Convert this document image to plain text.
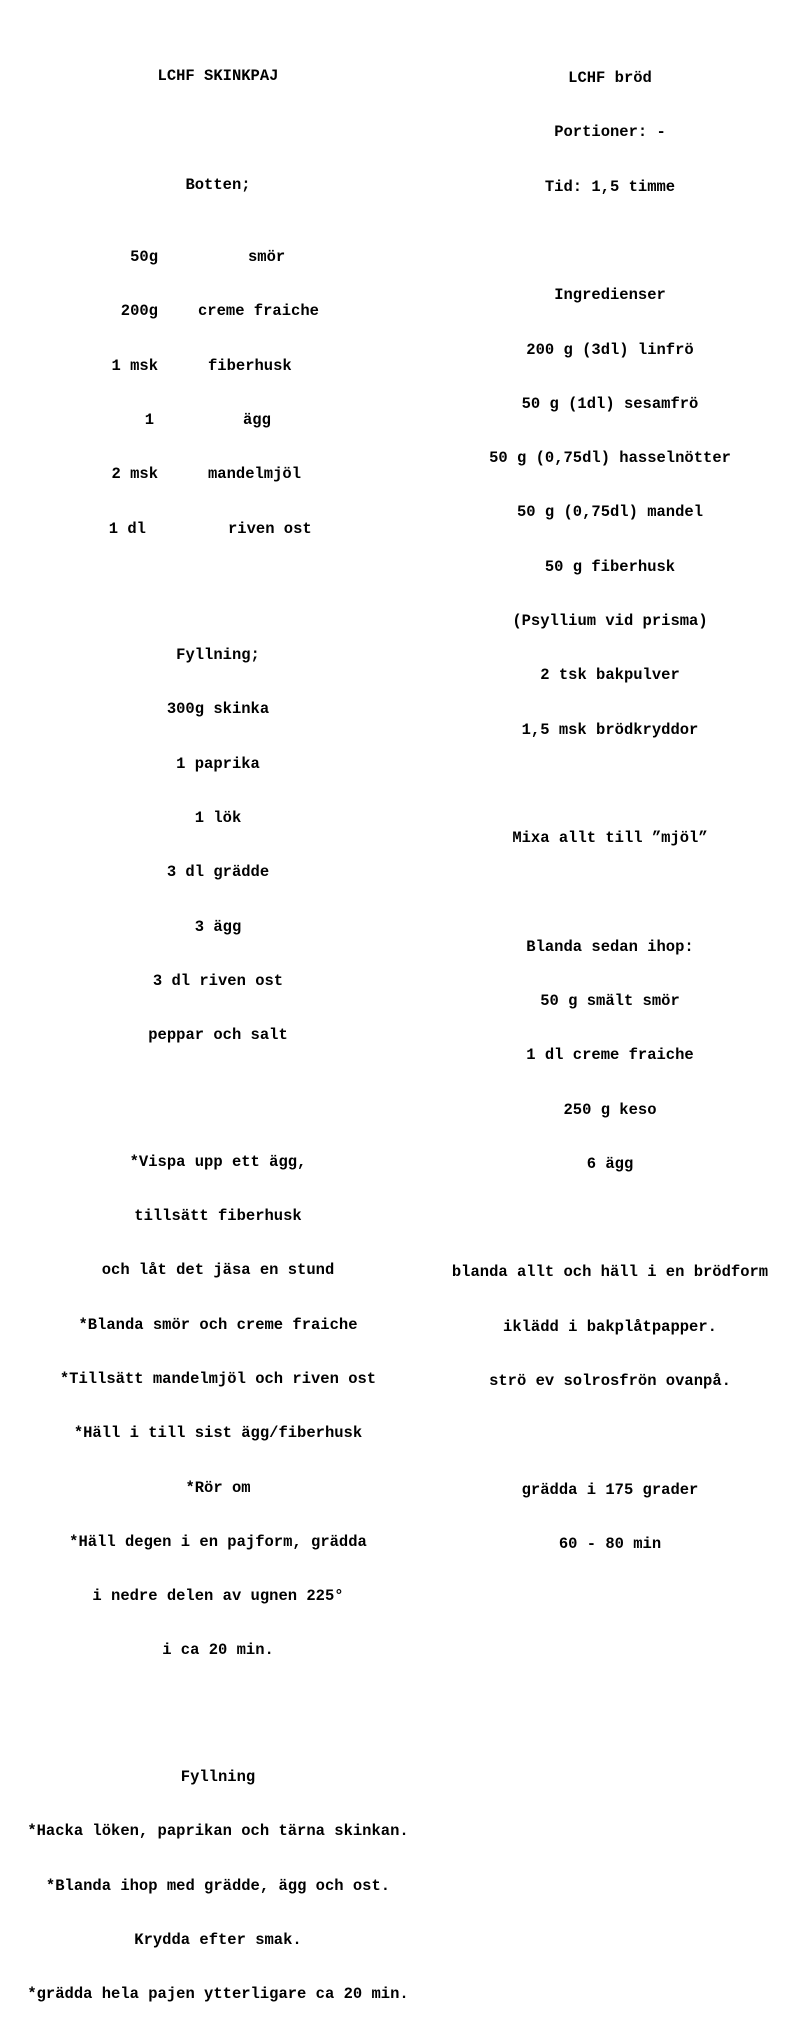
LCHF SKINKPAJ

Botten;

50g	smör

200g	creme fraiche

1 msk	fiberhusk

1	ägg

2 msk	mandelmjöl

1 dl	riven ost

Fyllning;

300g skinka

1 paprika

1 lök

3 dl grädde

3 ägg

3 dl riven ost

peppar och salt

*Vispa upp ett ägg,

tillsätt fiberhusk

och låt det jäsa en stund

*Blanda smör och creme fraiche

*Tillsätt mandelmjöl och riven ost

*Häll i till sist ägg/fiberhusk

*Rör om

*Häll degen i en pajform, grädda

i nedre delen av ugnen 225°

i ca 20 min.

Fyllning

*Hacka löken, paprikan och tärna skinkan.

*Blanda ihop med grädde, ägg och ost.

Krydda efter smak.

*grädda hela pajen ytterligare ca 20 min.

LCHF bröd

Portioner: -

Tid: 1,5 timme

Ingredienser

200 g (3dl) linfrö

50 g (1dl) sesamfrö

50 g (0,75dl) hasselnötter

50 g (0,75dl) mandel

50 g fiberhusk

(Psyllium vid prisma)

2 tsk bakpulver

1,5 msk brödkryddor

Mixa allt till ”mjöl”

Blanda sedan ihop:

50 g smält smör

1 dl creme fraiche

250 g keso

6 ägg

blanda allt och häll i en brödform

iklädd i bakplåtpapper.

strö ev solrosfrön ovanpå.

grädda i 175 grader

60 - 80 min
